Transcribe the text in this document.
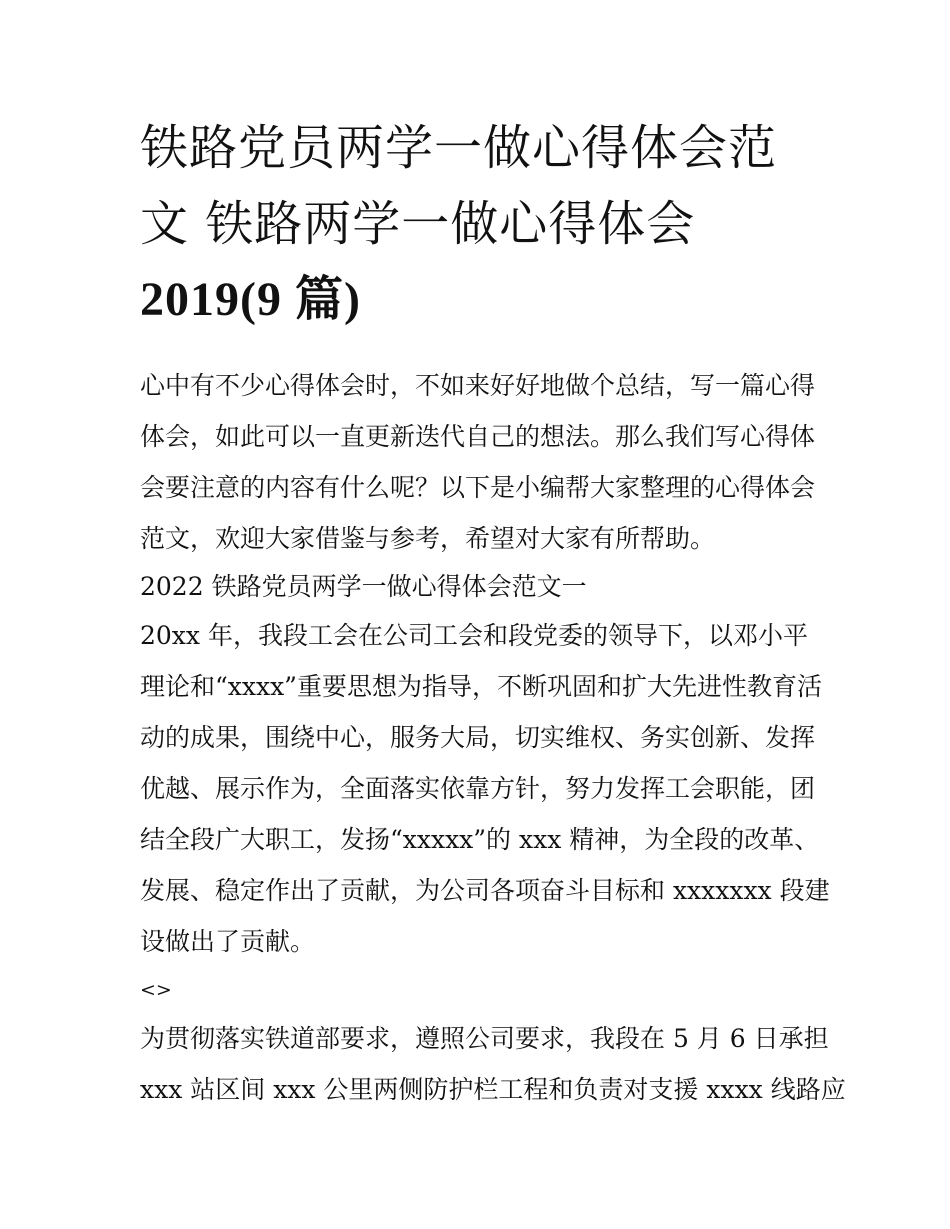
铁路党员两学一做心得体会范
文 铁路两学一做心得体会
2019(9 篇)
心中有不少心得体会时，不如来好好地做个总结，写一篇心得
体会，如此可以一直更新迭代自己的想法。那么我们写心得体
会要注意的内容有什么呢？以下是小编帮大家整理的心得体会
范文，欢迎大家借鉴与参考，希望对大家有所帮助。
2022 铁路党员两学一做心得体会范文一
20xx 年，我段工会在公司工会和段党委的领导下，以邓小平
理论和“xxxx”重要思想为指导，不断巩固和扩大先进性教育活
动的成果，围绕中心，服务大局，切实维权、务实创新、发挥
优越、展示作为，全面落实依靠方针，努力发挥工会职能，团
结全段广大职工，发扬“xxxxx”的 xxx 精神，为全段的改革、
发展、稳定作出了贡献，为公司各项奋斗目标和 xxxxxxx 段建
设做出了贡献。
<>
为贯彻落实铁道部要求，遵照公司要求，我段在 5 月 6 日承担
xxx 站区间 xxx 公里两侧防护栏工程和负责对支援 xxxx 线路应
